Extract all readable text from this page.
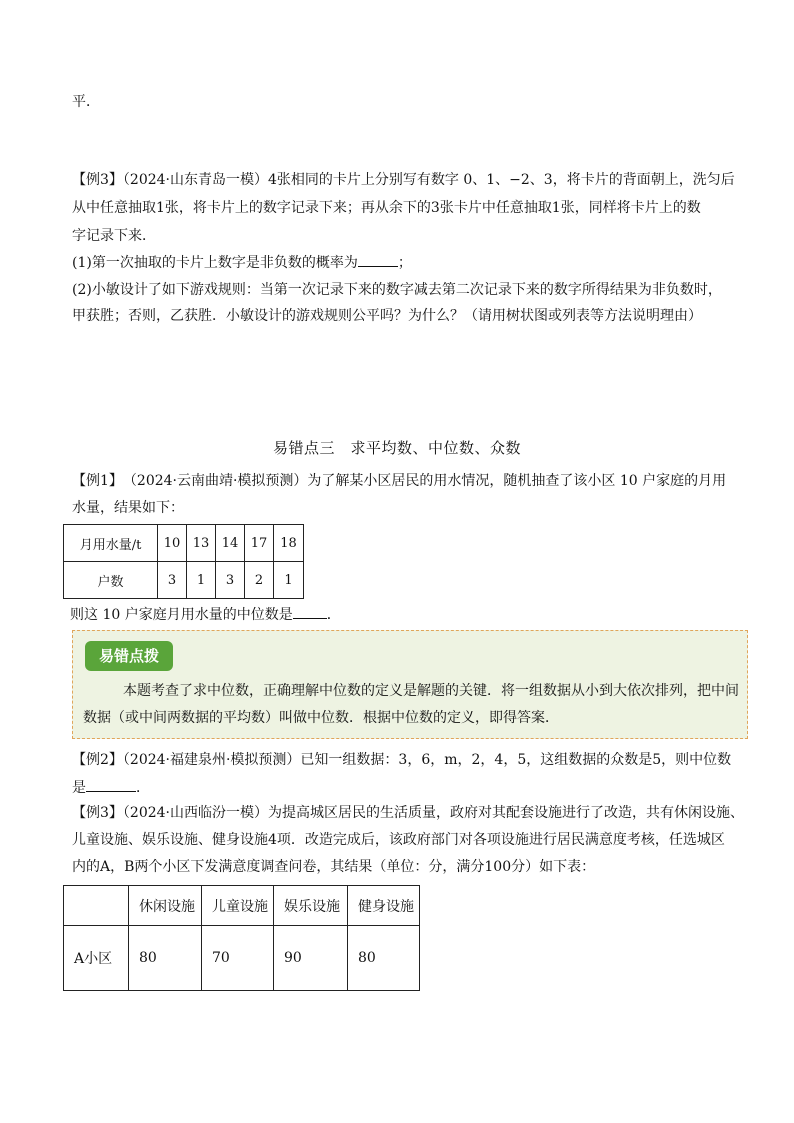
平．
【例3】（2024·山东青岛一模）4张相同的卡片上分别写有数字 0、1、−2、3，将卡片的背面朝上，洗匀后
从中任意抽取1张，将卡片上的数字记录下来；再从余下的3张卡片中任意抽取1张，同样将卡片上的数
字记录下来．
(1)第一次抽取的卡片上数字是非负数的概率为	；
(2)小敏设计了如下游戏规则：当第一次记录下来的数字减去第二次记录下来的数字所得结果为非负数时，
甲获胜；否则，乙获胜．小敏设计的游戏规则公平吗？为什么？（请用树状图或列表等方法说明理由）
易错点三　求平均数、中位数、众数
【例1】　（2024·云南曲靖·模拟预测）为了解某小区居民的用水情况，随机抽查了该小区 10 户家庭的月用
水量，结果如下：
月用水量/t	10	13	14	17	18
户数	3	1	3	2	1
则这 10 户家庭月用水量的中位数是 ．
易错点拨
本题考查了求中位数，正确理解中位数的定义是解题的关键．将一组数据从小到大依次排列，把中间
数据（或中间两数据的平均数）叫做中位数．根据中位数的定义，即得答案．
【例2】（2024·福建泉州·模拟预测）已知一组数据：3，6，m，2，4，5，这组数据的众数是5，则中位数
是	．
【例3】（2024·山西临汾一模）为提高城区居民的生活质量，政府对其配套设施进行了改造，共有休闲设施、
儿童设施、娱乐设施、健身设施4项．改造完成后，该政府部门对各项设施进行居民满意度考核，任选城区
内的A，B两个小区下发满意度调查问卷，其结果（单位：分，满分100分）如下表：
	休闲设施	儿童设施	娱乐设施	健身设施
A小区	80	70	90	80
